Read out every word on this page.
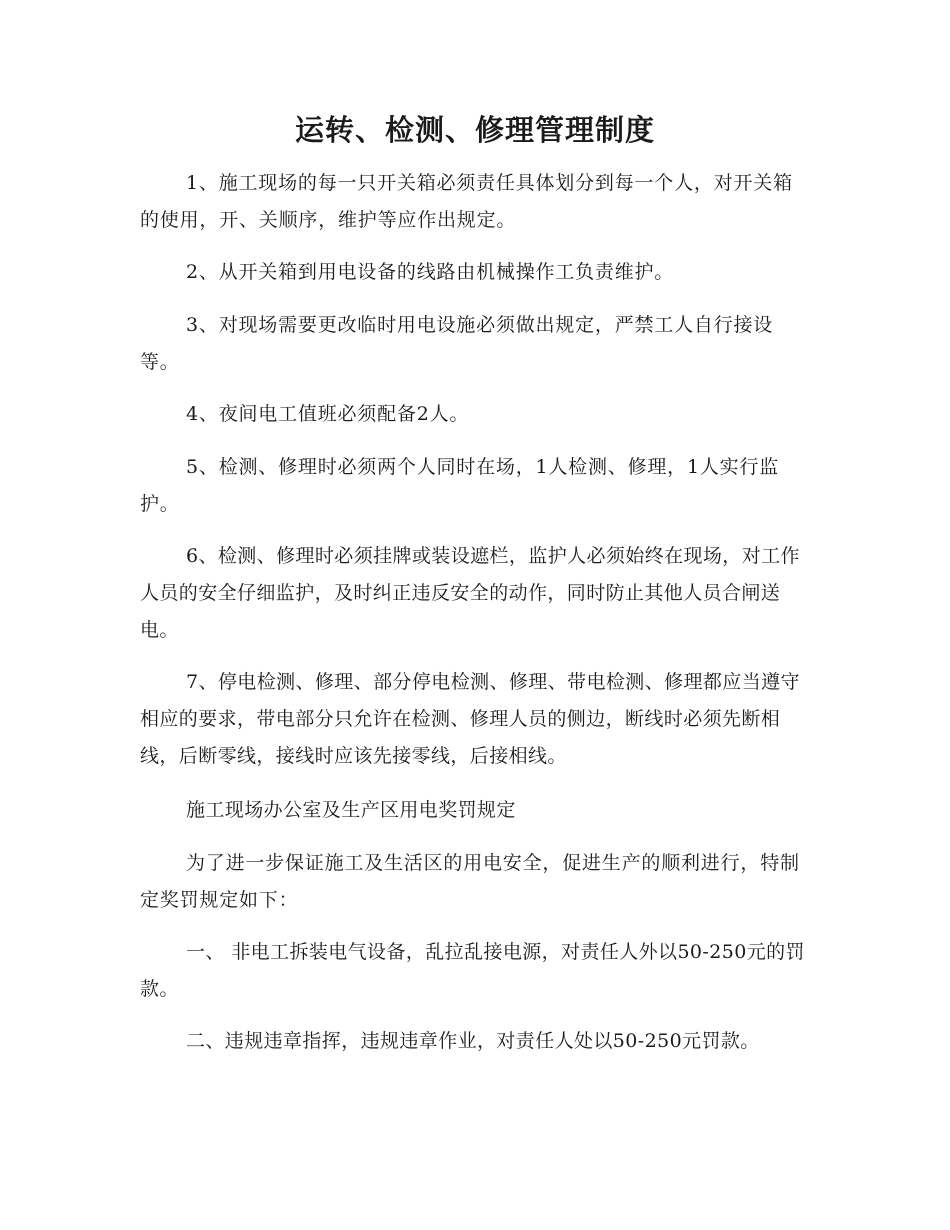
运转、检测、修理管理制度

1、施工现场的每一只开关箱必须责任具体划分到每一个人，对开关箱的使用，开、关顺序，维护等应作出规定。

2、从开关箱到用电设备的线路由机械操作工负责维护。

3、对现场需要更改临时用电设施必须做出规定，严禁工人自行接设等。

4、夜间电工值班必须配备2人。

5、检测、修理时必须两个人同时在场，1人检测、修理，1人实行监护。

6、检测、修理时必须挂牌或装设遮栏，监护人必须始终在现场，对工作人员的安全仔细监护，及时纠正违反安全的动作，同时防止其他人员合闸送电。

7、停电检测、修理、部分停电检测、修理、带电检测、修理都应当遵守相应的要求，带电部分只允许在检测、修理人员的侧边，断线时必须先断相线，后断零线，接线时应该先接零线，后接相线。

施工现场办公室及生产区用电奖罚规定

为了进一步保证施工及生活区的用电安全，促进生产的顺利进行，特制定奖罚规定如下：

一、 非电工拆装电气设备，乱拉乱接电源，对责任人外以50-250元的罚款。

二、违规违章指挥，违规违章作业，对责任人处以50-250元罚款。
